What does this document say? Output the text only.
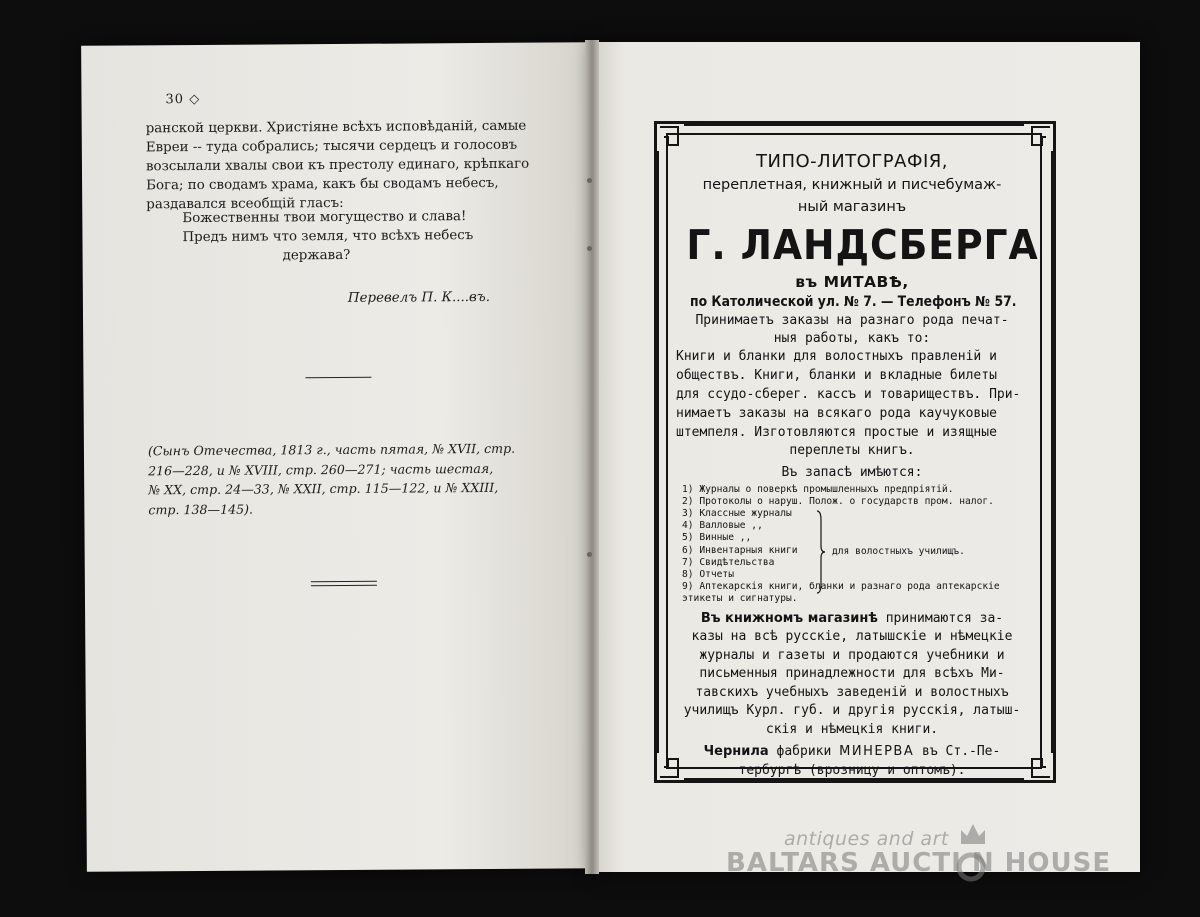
30 ◇
ранской церкви. Христiяне всѣхъ исповѣданiй, самые
Евреи -- туда собрались; тысячи сердецъ и голосовъ
возсылали хвалы свои къ престолу единаго, крѣпкаго
Бога; по сводамъ храма, какъ бы сводамъ небесъ,
раздавался всеобщiй гласъ:
Божественны твои могущество и слава!
Предъ нимъ что земля, что всѣхъ небесъ
держава?
Перевелъ П. К....въ.
(Сынъ Отечества, 1813 г., часть пятая, № XVII, стр.
216—228, и № XVIII, стр. 260—271; часть шестая,
№ XX, стр. 24—33, № XXII, стр. 115—122, и № XXIII,
стр. 138—145).
ТИПО-ЛИТОГРАФIЯ,
переплетная, книжный и писчебумаж-
ный магазинъ
Г. ЛАНДСБЕРГА
въ МИТАВѢ,
по Католической ул. № 7. — Телефонъ № 57.
Принимаетъ заказы на разнаго рода печат-
ныя работы, какъ то:
Книги и бланки для волостныхъ правленiй и
обществъ. Книги, бланки и вкладные билеты
для ссудо-сберег. кассъ и товариществъ. При-
нимаетъ заказы на всякаго рода каучуковые
штемпеля. Изготовляются простые и изящные
переплеты книгъ.
Въ запасѣ имѣются:
1) Журналы о поверкѣ промышленныхъ предпрiятiй.
2) Протоколы о наруш. Полож. о государств пром. налог.
3) Классные журналы
4) Валловые ,,
5) Винные ,,
6) Инвентарныя книги
7) Свидѣтельства
8) Отчеты
9) Аптекарскiя книги, бланки и разнаго рода аптекарскiе
этикеты и сигнатуры.
для волостныхъ училищъ.
Въ книжномъ магазинѣ принимаются за-
казы на всѣ русскiе, латышскiе и нѣмецкiе
журналы и газеты и продаются учебники и
письменныя принадлежности для всѣхъ Ми-
тавскихъ учебныхъ заведенiй и волостныхъ
училищъ Курл. губ. и другiя русскiя, латыш-
скiя и нѣмецкiя книги.
Чернила фабрики МИНЕРВА въ Ст.-Пе-
тербургѣ (врозницу и оптомъ).
antiques and art
BALTARS AUCTI N HOUSE
